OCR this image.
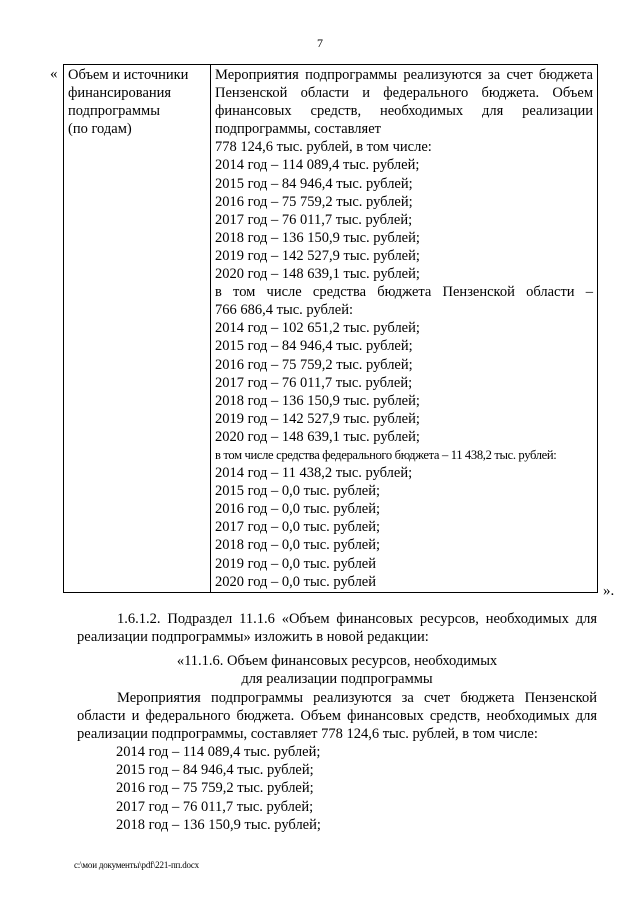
7
« Объем и источники
финансирования
подпрограммы
(по годам)

Мероприятия подпрограммы реализуются за счет бюджета
Пензенской области и федерального бюджета. Объем
финансовых средств, необходимых для реализации
подпрограммы, составляет
778 124,6 тыс. рублей, в том числе:
2014 год – 114 089,4 тыс. рублей;
2015 год – 84 946,4 тыс. рублей;
2016 год – 75 759,2 тыс. рублей;
2017 год – 76 011,7 тыс. рублей;
2018 год – 136 150,9 тыс. рублей;
2019 год – 142 527,9 тыс. рублей;
2020 год – 148 639,1 тыс. рублей;
в том числе средства бюджета Пензенской области –
766 686,4 тыс. рублей:
2014 год – 102 651,2 тыс. рублей;
2015 год – 84 946,4 тыс. рублей;
2016 год – 75 759,2 тыс. рублей;
2017 год – 76 011,7 тыс. рублей;
2018 год – 136 150,9 тыс. рублей;
2019 год – 142 527,9 тыс. рублей;
2020 год – 148 639,1 тыс. рублей;
в том числе средства федерального бюджета – 11 438,2 тыс. рублей:
2014 год – 11 438,2 тыс. рублей;
2015 год – 0,0 тыс. рублей;
2016 год – 0,0 тыс. рублей;
2017 год – 0,0 тыс. рублей;
2018 год – 0,0 тыс. рублей;
2019 год – 0,0 тыс. рублей
2020 год – 0,0 тыс. рублей
».
1.6.1.2. Подраздел 11.1.6 «Объем финансовых ресурсов, необходимых для реализации подпрограммы» изложить в новой редакции:
«11.1.6. Объем финансовых ресурсов, необходимых
для реализации подпрограммы
Мероприятия подпрограммы реализуются за счет бюджета Пензенской области и федерального бюджета. Объем финансовых средств, необходимых для реализации подпрограммы, составляет 778 124,6 тыс. рублей, в том числе:
2014 год – 114 089,4 тыс. рублей;
2015 год – 84 946,4 тыс. рублей;
2016 год – 75 759,2 тыс. рублей;
2017 год – 76 011,7 тыс. рублей;
2018 год – 136 150,9 тыс. рублей;
c:\мои документы\pdf\221-пп.docx
